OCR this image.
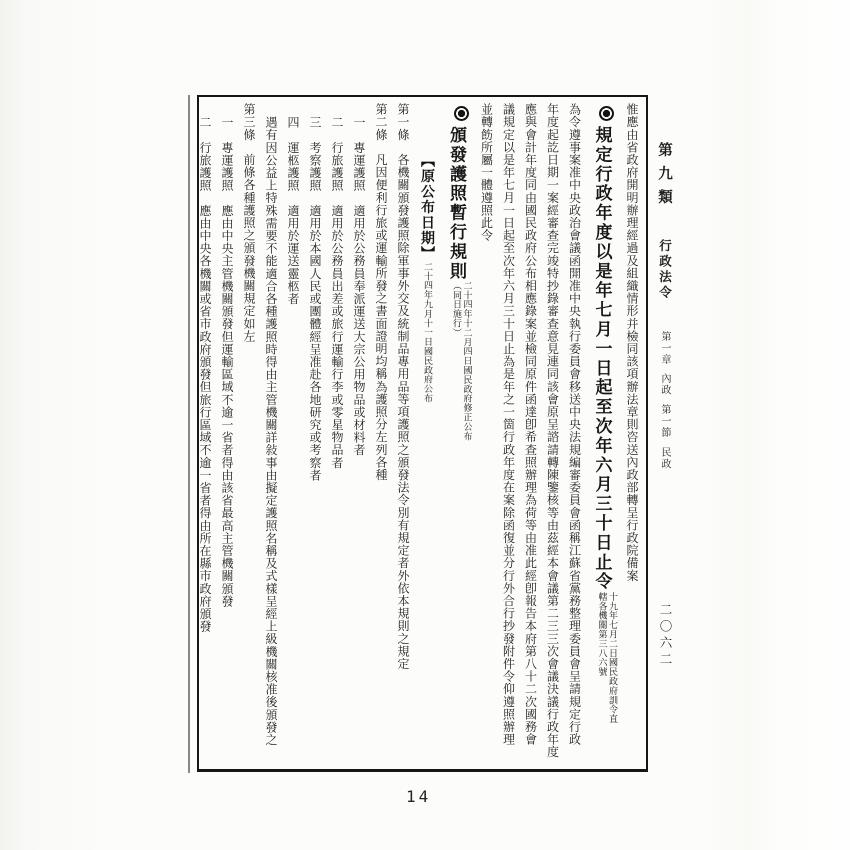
惟應由省政府開明辦理經過及組織情形并檢同該項辦法章則咨送內政部轉呈行政院備案
規定行政年度以是年七月一日起至次年六月三十日止令
十九年七月二日國民政府訓令直
轄各機關第三八六號
為令遵事案准中央政治會議函開准中央執行委員會移送中央法規編審委員會函稱江蘇省黨務整理委員會呈請規定行政
年度起訖日期一案經審查完竣特抄錄審查意見連同該會原呈諮請轉陳鑒核等由茲經本會議第二三三次會議決議行政年度
應與會計年度同由國民政府公布相應錄案並檢同原件函達卽希查照辦理為荷等由准此經卽報告本府第八十二次國務會
議規定以是年七月一日起至次年六月三十日止為是年之一箇行政年度在案除函復並分行外合行抄發附件令仰遵照辦理
並轉飭所屬一體遵照此令
頒發護照暫行規則
二十四年十二月四日國民政府修正公布
（同日施行）
【原公布日期】
二十四年九月十一日國民政府公布
第一條　各機關頒發護照除軍事外交及統制品專用品等項護照之頒發法令別有規定者外依本規則之規定
第二條　凡因便利行旅或運輸所發之書面證明均稱為護照分左列各種
一　專運護照　適用於公務員奉派運送大宗公用物品或材料者
二　行旅護照　適用於公務員出差或旅行運輸行李或零星物品者
三　考察護照　適用於本國人民或團體經呈准赴各地研究或考察者
四　運柩護照　適用於運送靈柩者
遇有因公益上特殊需要不能適合各種護照時得由主管機關詳敍事由擬定護照名稱及式樣呈經上級機關核准後頒發之
第三條　前條各種護照之頒發機關規定如左
一　專運護照　應由中央主管機關頒發但運輸區域不逾一省者得由該省最高主管機關頒發
二　行旅護照　應由中央各機關或省市政府頒發但旅行區域不逾一省者得由所在縣市政府頒發	第九類
行政法令
第一章
內政
第一節
民政
二〇六二
14
